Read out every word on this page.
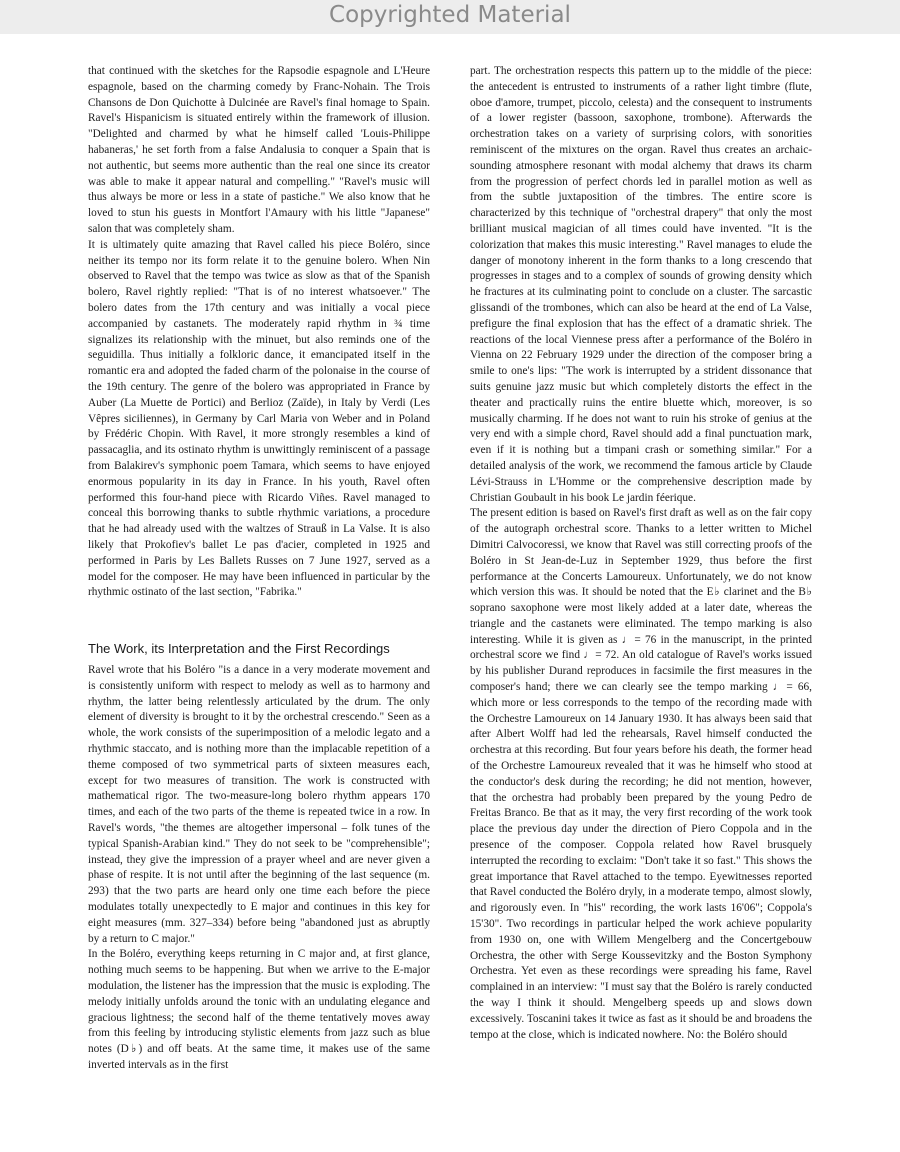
Copyrighted Material

that continued with the sketches for the Rapsodie espagnole and L'Heure espagnole, based on the charming comedy by Franc-Nohain. The Trois Chansons de Don Quichotte à Dulcinée are Ravel's final homage to Spain. Ravel's Hispanicism is situated entirely within the framework of illusion. "Delighted and charmed by what he himself called 'Louis-Philippe habaneras,' he set forth from a false Andalusia to conquer a Spain that is not authentic, but seems more authentic than the real one since its creator was able to make it appear natural and compelling." "Ravel's music will thus always be more or less in a state of pastiche." We also know that he loved to stun his guests in Montfort l'Amaury with his little "Japanese" salon that was completely sham.

It is ultimately quite amazing that Ravel called his piece Boléro, since neither its tempo nor its form relate it to the genuine bolero. When Nin observed to Ravel that the tempo was twice as slow as that of the Spanish bolero, Ravel rightly replied: "That is of no interest whatsoever." The bolero dates from the 17th century and was initially a vocal piece accompanied by castanets. The moderately rapid rhythm in ¾ time signalizes its relationship with the minuet, but also reminds one of the seguidilla. Thus initially a folkloric dance, it emancipated itself in the romantic era and adopted the faded charm of the polonaise in the course of the 19th century. The genre of the bolero was appropriated in France by Auber (La Muette de Portici) and Berlioz (Zaïde), in Italy by Verdi (Les Vêpres siciliennes), in Germany by Carl Maria von Weber and in Poland by Frédéric Chopin. With Ravel, it more strongly resembles a kind of passacaglia, and its ostinato rhythm is unwittingly reminiscent of a passage from Balakirev's symphonic poem Tamara, which seems to have enjoyed enormous popularity in its day in France. In his youth, Ravel often performed this four-hand piece with Ricardo Viñes. Ravel managed to conceal this borrowing thanks to subtle rhythmic variations, a procedure that he had already used with the waltzes of Strauß in La Valse. It is also likely that Prokofiev's ballet Le pas d'acier, completed in 1925 and performed in Paris by Les Ballets Russes on 7 June 1927, served as a model for the composer. He may have been influenced in particular by the rhythmic ostinato of the last section, "Fabrika."

The Work, its Interpretation and the First Recordings

Ravel wrote that his Boléro "is a dance in a very moderate movement and is consistently uniform with respect to melody as well as to harmony and rhythm, the latter being relentlessly articulated by the drum. The only element of diversity is brought to it by the orchestral crescendo." Seen as a whole, the work consists of the superimposition of a melodic legato and a rhythmic staccato, and is nothing more than the implacable repetition of a theme composed of two symmetrical parts of sixteen measures each, except for two measures of transition. The work is constructed with mathematical rigor. The two-measure-long bolero rhythm appears 170 times, and each of the two parts of the theme is repeated twice in a row. In Ravel's words, "the themes are altogether impersonal – folk tunes of the typical Spanish-Arabian kind." They do not seek to be "comprehensible"; instead, they give the impression of a prayer wheel and are never given a phase of respite. It is not until after the beginning of the last sequence (m. 293) that the two parts are heard only one time each before the piece modulates totally unexpectedly to E major and continues in this key for eight measures (mm. 327–334) before being "abandoned just as abruptly by a return to C major."

In the Boléro, everything keeps returning in C major and, at first glance, nothing much seems to be happening. But when we arrive to the E-major modulation, the listener has the impression that the music is exploding. The melody initially unfolds around the tonic with an undulating elegance and gracious lightness; the second half of the theme tentatively moves away from this feeling by introducing stylistic elements from jazz such as blue notes (D♭) and off beats. At the same time, it makes use of the same inverted intervals as in the first

part. The orchestration respects this pattern up to the middle of the piece: the antecedent is entrusted to instruments of a rather light timbre (flute, oboe d'amore, trumpet, piccolo, celesta) and the consequent to instruments of a lower register (bassoon, saxophone, trombone). Afterwards the orchestration takes on a variety of surprising colors, with sonorities reminiscent of the mixtures on the organ. Ravel thus creates an archaic-sounding atmosphere resonant with modal alchemy that draws its charm from the progression of perfect chords led in parallel motion as well as from the subtle juxtaposition of the timbres. The entire score is characterized by this technique of "orchestral drapery" that only the most brilliant musical magician of all times could have invented. "It is the colorization that makes this music interesting." Ravel manages to elude the danger of monotony inherent in the form thanks to a long crescendo that progresses in stages and to a complex of sounds of growing density which he fractures at its culminating point to conclude on a cluster. The sarcastic glissandi of the trombones, which can also be heard at the end of La Valse, prefigure the final explosion that has the effect of a dramatic shriek. The reactions of the local Viennese press after a performance of the Boléro in Vienna on 22 February 1929 under the direction of the composer bring a smile to one's lips: "The work is interrupted by a strident dissonance that suits genuine jazz music but which completely distorts the effect in the theater and practically ruins the entire bluette which, moreover, is so musically charming. If he does not want to ruin his stroke of genius at the very end with a simple chord, Ravel should add a final punctuation mark, even if it is nothing but a timpani crash or something similar." For a detailed analysis of the work, we recommend the famous article by Claude Lévi-Strauss in L'Homme or the comprehensive description made by Christian Goubault in his book Le jardin féerique.

The present edition is based on Ravel's first draft as well as on the fair copy of the autograph orchestral score. Thanks to a letter written to Michel Dimitri Calvocoressi, we know that Ravel was still correcting proofs of the Boléro in St Jean-de-Luz in September 1929, thus before the first performance at the Concerts Lamoureux. Unfortunately, we do not know which version this was. It should be noted that the E♭ clarinet and the B♭ soprano saxophone were most likely added at a later date, whereas the triangle and the castanets were eliminated. The tempo marking is also interesting. While it is given as ♩= 76 in the manuscript, in the printed orchestral score we find ♩= 72. An old catalogue of Ravel's works issued by his publisher Durand reproduces in facsimile the first measures in the composer's hand; there we can clearly see the tempo marking ♩= 66, which more or less corresponds to the tempo of the recording made with the Orchestre Lamoureux on 14 January 1930. It has always been said that after Albert Wolff had led the rehearsals, Ravel himself conducted the orchestra at this recording. But four years before his death, the former head of the Orchestre Lamoureux revealed that it was he himself who stood at the conductor's desk during the recording; he did not mention, however, that the orchestra had probably been prepared by the young Pedro de Freitas Branco. Be that as it may, the very first recording of the work took place the previous day under the direction of Piero Coppola and in the presence of the composer. Coppola related how Ravel brusquely interrupted the recording to exclaim: "Don't take it so fast." This shows the great importance that Ravel attached to the tempo. Eyewitnesses reported that Ravel conducted the Boléro dryly, in a moderate tempo, almost slowly, and rigorously even. In "his" recording, the work lasts 16'06"; Coppola's 15'30". Two recordings in particular helped the work achieve popularity from 1930 on, one with Willem Mengelberg and the Concertgebouw Orchestra, the other with Serge Koussevitzky and the Boston Symphony Orchestra. Yet even as these recordings were spreading his fame, Ravel complained in an interview: "I must say that the Boléro is rarely conducted the way I think it should. Mengelberg speeds up and slows down excessively. Toscanini takes it twice as fast as it should be and broadens the tempo at the close, which is indicated nowhere. No: the Boléro should
